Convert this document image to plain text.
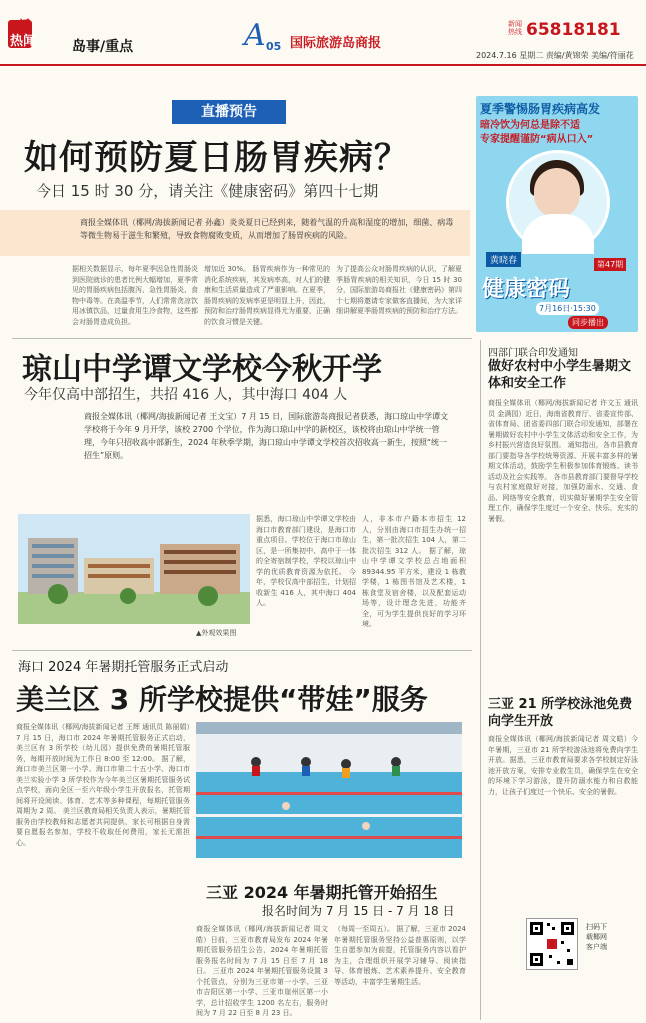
新
热闻	岛事/重点	A 05 国际旅游岛商报
新闻热线 65818181
2024.7.16 星期二 责编/黄锦荣 美编/符丽花
直播预告
如何预防夏日肠胃疾病？
今日 15 时 30 分，请关注《健康密码》第四十七期
商报全媒体讯（椰网/海拔新闻记者 孙鑫）炎炎夏日已经到来，随着气温的升高和湿度的增加，细菌、病毒等微生物易于滋生和繁殖，导致食物腐败变质，从而增加了肠胃疾病的风险。
据相关数据显示，每年夏季因急性胃肠炎到医院就诊的患者比例大幅增加，夏季常见的胃肠疾病包括腹泻、急性胃肠炎、食物中毒等。在高温季节，人们常常贪凉饮用冰镇饮品，过量食用生冷食物，这些都会对肠胃造成负担。
增加近 30%。 肠胃疾病作为一种常见的消化系统疾病，其发病率高，对人们的健康和生活质量造成了严重影响。在夏季，肠胃疾病的发病率更是明显上升，因此，预防和治疗肠胃疾病显得尤为重要，正确的饮食习惯是关键。
为了提高公众对肠胃疾病的认识，了解夏季肠胃疾病的相关知识，今日 15 时 30 分，国际旅游岛商报社《健康密码》第四十七期将邀请专家做客直播间，为大家详细讲解夏季肠胃疾病的预防和治疗方法。
夏季警惕肠胃疾病高发
暗冷饮为何总是除不适
专家提醒谨防“病从口入”
黄晓春	第47期
健康密码
7月16日·15:30
同步播出
琼山中学谭文学校今秋开学
今年仅高中部招生，共招 416 人，其中海口 404 人
商报全媒体讯（椰网/海拔新闻记者 王文宝）7 月 15 日，国际旅游岛商报记者获悉，海口琼山中学谭文学校将于今年 9 月开学，该校 2700 个学位，作为海口琼山中学的新校区，该校将由琼山中学统一管理，今年只招收高中部新生，2024 年秋季学期，海口琼山中学谭文学校首次招收高一新生，按照“统一招生”原则。
▲外观效果图
据悉，海口琼山中学谭文学校由海口市教育部门建设，是海口市重点项目。学校位于海口市琼山区，是一所集初中、高中于一体的全寄宿制学校，学校以琼山中学的优质教育资源为依托。 今年，学校仅高中部招生，计划招收新生 416 人，其中海口 404 人。
人，非本市户籍本市招生 12 人，分别由海口市招生办统一招生，第一批次招生 104 人，第二批次招生 312 人。 据了解，琼山中学谭文学校总占地面积 89344.95 平方米，建设 1 栋教学楼，1 栋图书馆及艺术楼，1 栋食堂及宿舍楼，以及配套运动场等，设计理念先进，功能齐全，可为学生提供良好的学习环境。
四部门联合印发通知
做好农村中小学生暑期文体和安全工作
商报全媒体讯（椰网/海拔新闻记者 许文玉 通讯员 金满园）近日，海南省教育厅、省委宣传部、省体育局、团省委四部门联合印发通知，部署在暑期做好农村中小学生文体活动和安全工作，为乡村振兴营造良好氛围。 通知指出，各市县教育部门要指导各学校统筹资源、开展丰富多样的暑期文体活动，鼓励学生积极参加体育锻炼、读书活动及社会实践等。 各市县教育部门要督导学校与农村家庭做好对接，加强防溺水、交通、食品、网络等安全教育，切实做好暑期学生安全管理工作，确保学生度过一个安全、快乐、充实的暑假。
三亚 21 所学校泳池免费向学生开放
商报全媒体讯（椰网/海拔新闻记者 周文皓）今年暑期，三亚市 21 所学校游泳池将免费向学生开放。据悉，三亚市教育局要求各学校制定好泳池开放方案，安排专业救生员，确保学生在安全的环境下学习游泳，提升防溺水能力和自救能力，让孩子们度过一个快乐、安全的暑假。
扫码下载椰网客户端
海口 2024 年暑期托管服务正式启动
美兰区 3 所学校提供“带娃”服务
商报全媒体讯（椰网/海拔新闻记者 王辉 通讯员 陈丽娟）7 月 15 日，海口市 2024 年暑期托管服务正式启动，美兰区有 3 所学校（幼儿园）提供免费的暑期托管服务，每期开放时间为工作日 8:00 至 12:00。 据了解，海口市美兰区第一小学、海口市第二十五小学、海口市美兰实验小学 3 所学校作为今年美兰区暑期托管服务试点学校，面向全区一至六年级小学生开放报名，托管期间将开设阅读、体育、艺术等多种课程，每期托管服务周期为 2 周。 美兰区教育局相关负责人表示，暑期托管服务由学校教师和志愿者共同提供，家长可根据自身需要自愿报名参加，学校不收取任何费用，家长无需担心。
三亚 2024 年暑期托管开始招生
报名时间为 7 月 15 日 - 7 月 18 日
商报全媒体讯（椰网/海拔新闻记者 周文皓）日前，三亚市教育局发布 2024 年暑期托管服务招生公告，2024 年暑期托管服务报名时间为 7 月 15 日至 7 月 18 日。 三亚市 2024 年暑期托管服务设置 3 个托管点，分别为三亚市第一小学、三亚市吉阳区第一小学、三亚市崖州区第一小学，总计招收学生 1200 名左右，服务时间为 7 月 22 日至 8 月 23 日。
（每周一至周五）。 据了解，三亚市 2024 年暑期托管服务坚持公益普惠原则，以学生自愿参加为前提，托管服务内容以看护为主，合理组织开展学习辅导、阅读指导、体育锻炼、艺术素养提升、安全教育等活动，丰富学生暑期生活。
